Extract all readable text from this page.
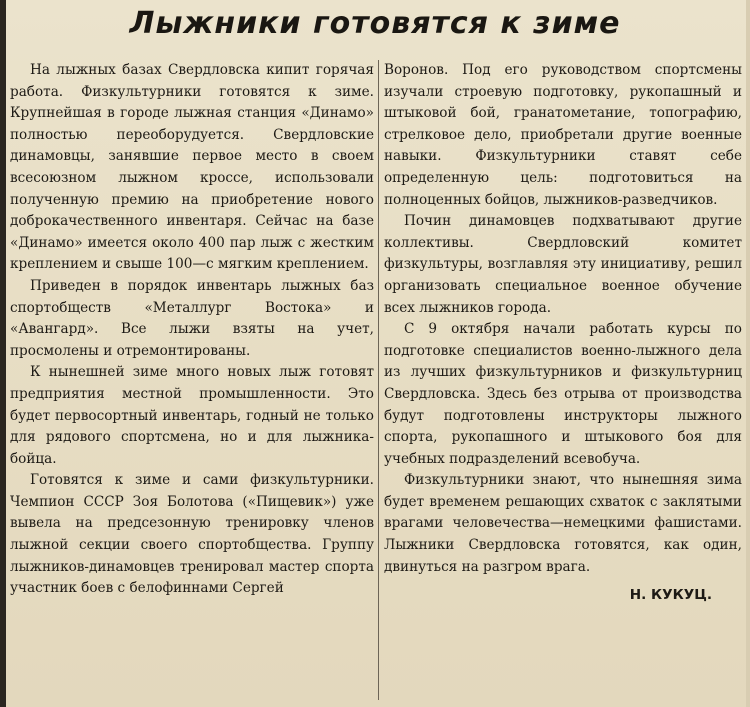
Лыжники готовятся к зиме

На лыжных базах Свердловска кипит горячая работа. Физкультурники готовятся к зиме. Крупнейшая в городе лыжная станция «Динамо» полностью переоборудуется. Свердловские динамовцы, занявшие первое место в своем всесоюзном лыжном кроссе, использовали полученную премию на приобретение нового доброкачественного инвентаря. Сейчас на базе «Динамо» имеется около 400 пар лыж с жестким креплением и свыше 100—с мягким креплением.

Приведен в порядок инвентарь лыжных баз спортобществ «Металлург Востока» и «Авангард». Все лыжи взяты на учет, просмолены и отремонтированы.

К нынешней зиме много новых лыж готовят предприятия местной промышленности. Это будет первосортный инвентарь, годный не только для рядового спортсмена, но и для лыжника-бойца.

Готовятся к зиме и сами физкультурники. Чемпион СССР Зоя Болотова («Пищевик») уже вывела на предсезонную тренировку членов лыжной секции своего спортобщества. Группу лыжников-динамовцев тренировал мастер спорта участник боев с белофиннами Сергей

Воронов. Под его руководством спортсмены изучали строевую подготовку, рукопашный и штыковой бой, гранатометание, топографию, стрелковое дело, приобретали другие военные навыки. Физкультурники ставят себе определенную цель: подготовиться на полноценных бойцов, лыжников-разведчиков.

Почин динамовцев подхватывают другие коллективы. Свердловский комитет физкультуры, возглавляя эту инициативу, решил организовать специальное военное обучение всех лыжников города.

С 9 октября начали работать курсы по подготовке специалистов военно-лыжного дела из лучших физкультурников и физкультурниц Свердловска. Здесь без отрыва от производства будут подготовлены инструкторы лыжного спорта, рукопашного и штыкового боя для учебных подразделений всевобуча.

Физкультурники знают, что нынешняя зима будет временем решающих схваток с заклятыми врагами человечества—немецкими фашистами. Лыжники Свердловска готовятся, как один, двинуться на разгром врага.

Н. КУКУЦ.
